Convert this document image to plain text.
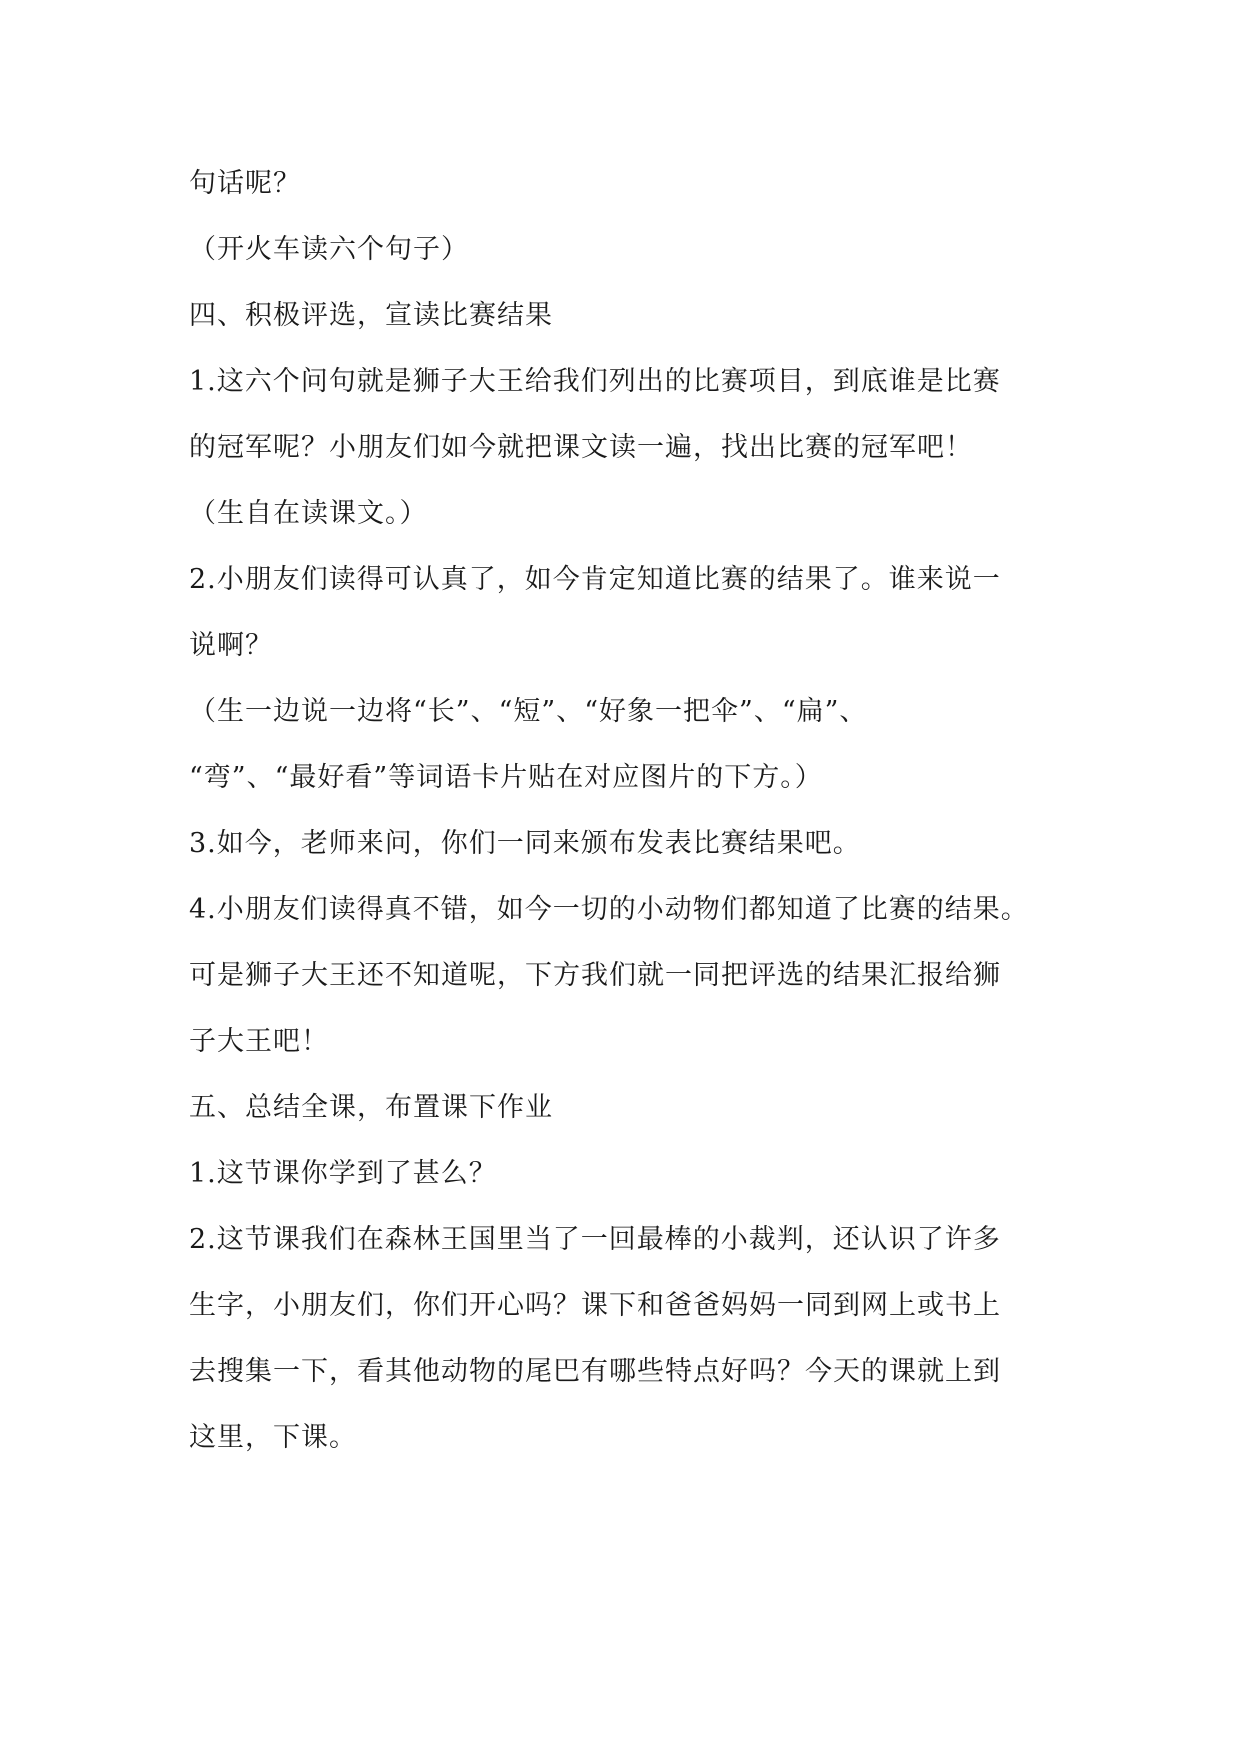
句话呢？
（开火车读六个句子）
四、积极评选，宣读比赛结果
1.这六个问句就是狮子大王给我们列出的比赛项目，到底谁是比赛
的冠军呢？小朋友们如今就把课文读一遍，找出比赛的冠军吧！
（生自在读课文。）
2.小朋友们读得可认真了，如今肯定知道比赛的结果了。谁来说一
说啊？
（生一边说一边将“长”、“短”、“好象一把伞”、“扁”、
“弯”、“最好看”等词语卡片贴在对应图片的下方。）
3.如今，老师来问，你们一同来颁布发表比赛结果吧。
4.小朋友们读得真不错，如今一切的小动物们都知道了比赛的结果。
可是狮子大王还不知道呢，下方我们就一同把评选的结果汇报给狮
子大王吧！
五、总结全课，布置课下作业
1.这节课你学到了甚么？
2.这节课我们在森林王国里当了一回最棒的小裁判，还认识了许多
生字，小朋友们，你们开心吗？课下和爸爸妈妈一同到网上或书上
去搜集一下，看其他动物的尾巴有哪些特点好吗？今天的课就上到
这里，下课。
